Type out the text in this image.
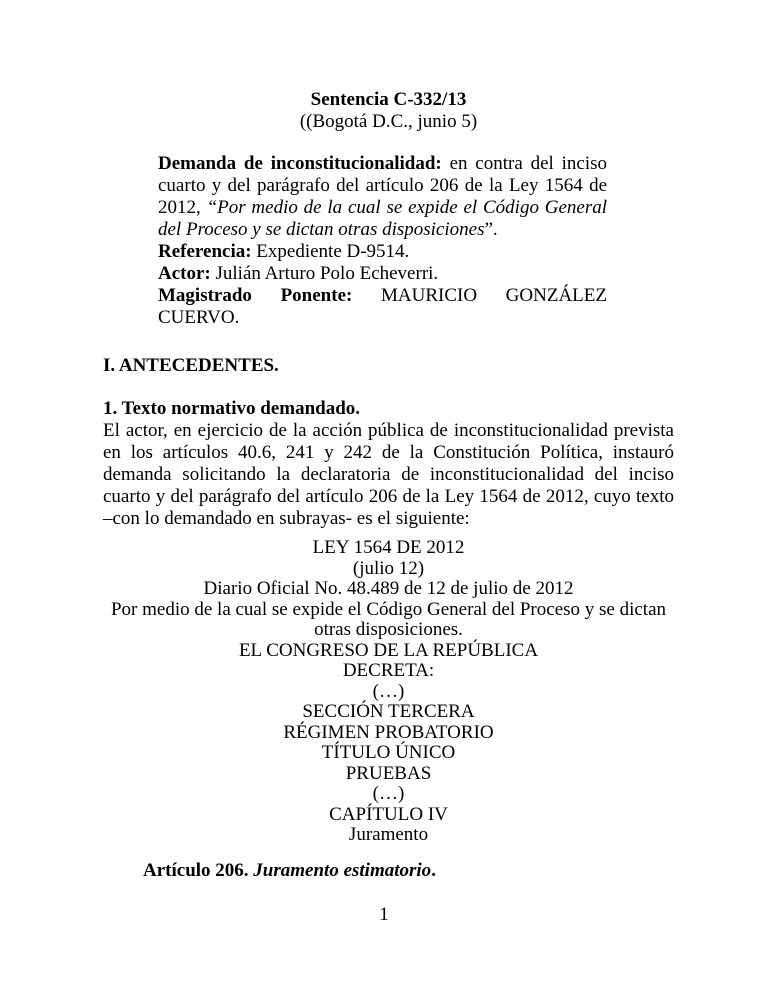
Sentencia C-332/13
((Bogotá D.C., junio 5)
Demanda de inconstitucionalidad: en contra del inciso cuarto y del parágrafo del artículo 206 de la Ley 1564 de 2012, “Por medio de la cual se expide el Código General del Proceso y se dictan otras disposiciones”.
Referencia: Expediente D-9514.
Actor: Julián Arturo Polo Echeverri.
Magistrado Ponente: MAURICIO GONZÁLEZ CUERVO.
I. ANTECEDENTES.
1. Texto normativo demandado.
El actor, en ejercicio de la acción pública de inconstitucionalidad prevista en los artículos 40.6, 241 y 242 de la Constitución Política, instauró demanda solicitando la declaratoria de inconstitucionalidad del inciso cuarto y del parágrafo del artículo 206 de la Ley 1564 de 2012, cuyo texto –con lo demandado en subrayas- es el siguiente:
LEY 1564 DE 2012
(julio 12)
Diario Oficial No. 48.489 de 12 de julio de 2012
Por medio de la cual se expide el Código General del Proceso y se dictan otras disposiciones.
EL CONGRESO DE LA REPÚBLICA
DECRETA:
(…)
SECCIÓN TERCERA
RÉGIMEN PROBATORIO
TÍTULO ÚNICO
PRUEBAS
(…)
CAPÍTULO IV
Juramento
Artículo 206. Juramento estimatorio.
1
